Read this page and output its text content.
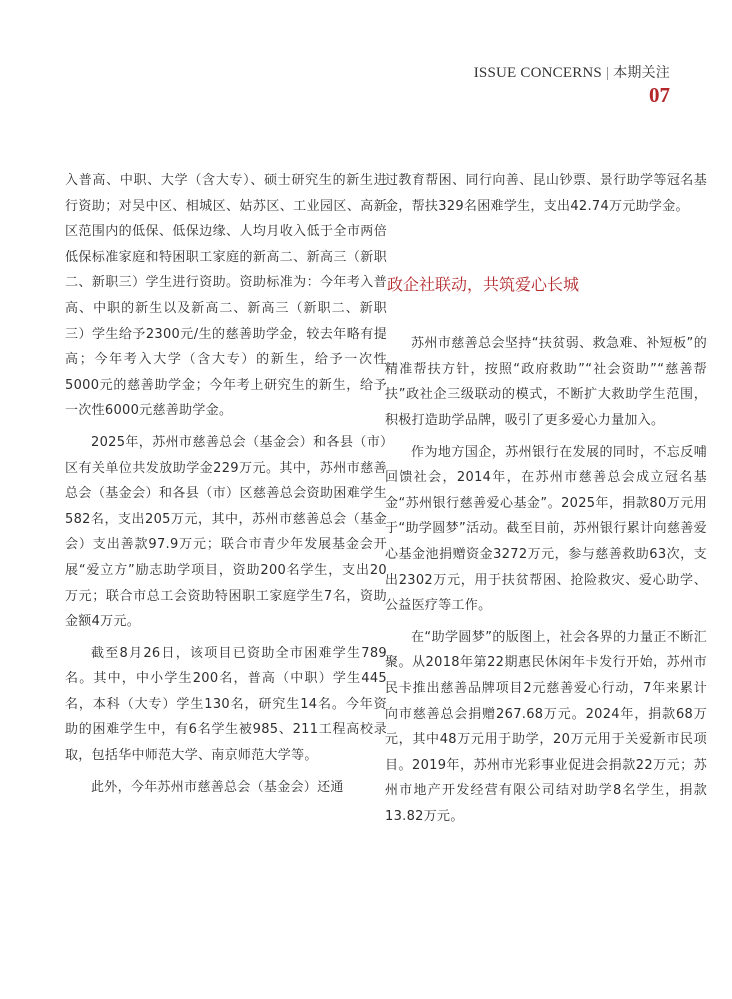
ISSUE CONCERNS | 本期关注
07

入普高、中职、大学（含大专）、硕士研究生的新生进行资助；对吴中区、相城区、姑苏区、工业园区、高新区范围内的低保、低保边缘、人均月收入低于全市两倍低保标准家庭和特困职工家庭的新高二、新高三（新职二、新职三）学生进行资助。资助标准为：今年考入普高、中职的新生以及新高二、新高三（新职二、新职三）学生给予2300元/生的慈善助学金，较去年略有提高；今年考入大学（含大专）的新生，给予一次性5000元的慈善助学金；今年考上研究生的新生，给予一次性6000元慈善助学金。

2025年，苏州市慈善总会（基金会）和各县（市）区有关单位共发放助学金229万元。其中，苏州市慈善总会（基金会）和各县（市）区慈善总会资助困难学生582名，支出205万元，其中，苏州市慈善总会（基金会）支出善款97.9万元；联合市青少年发展基金会开展“爱立方”励志助学项目，资助200名学生，支出20万元；联合市总工会资助特困职工家庭学生7名，资助金额4万元。

截至8月26日，该项目已资助全市困难学生789名。其中，中小学生200名，普高（中职）学生445名，本科（大专）学生130名，研究生14名。今年资助的困难学生中，有6名学生被985、211工程高校录取，包括华中师范大学、南京师范大学等。

此外，今年苏州市慈善总会（基金会）还通

过教育帮困、同行向善、昆山钞票、景行助学等冠名基金，帮扶329名困难学生，支出42.74万元助学金。

政企社联动，共筑爱心长城

苏州市慈善总会坚持“扶贫弱、救急难、补短板”的精准帮扶方针，按照“政府救助”“社会资助”“慈善帮扶”政社企三级联动的模式，不断扩大救助学生范围，积极打造助学品牌，吸引了更多爱心力量加入。

作为地方国企，苏州银行在发展的同时，不忘反哺回馈社会，2014年，在苏州市慈善总会成立冠名基金“苏州银行慈善爱心基金”。2025年，捐款80万元用于“助学圆梦”活动。截至目前，苏州银行累计向慈善爱心基金池捐赠资金3272万元，参与慈善救助63次，支出2302万元，用于扶贫帮困、抢险救灾、爱心助学、公益医疗等工作。

在“助学圆梦”的版图上，社会各界的力量正不断汇聚。从2018年第22期惠民休闲年卡发行开始，苏州市民卡推出慈善品牌项目2元慈善爱心行动，7年来累计向市慈善总会捐赠267.68万元。2024年，捐款68万元，其中48万元用于助学，20万元用于关爱新市民项目。2019年，苏州市光彩事业促进会捐款22万元；苏州市地产开发经营有限公司结对助学8名学生，捐款13.82万元。
